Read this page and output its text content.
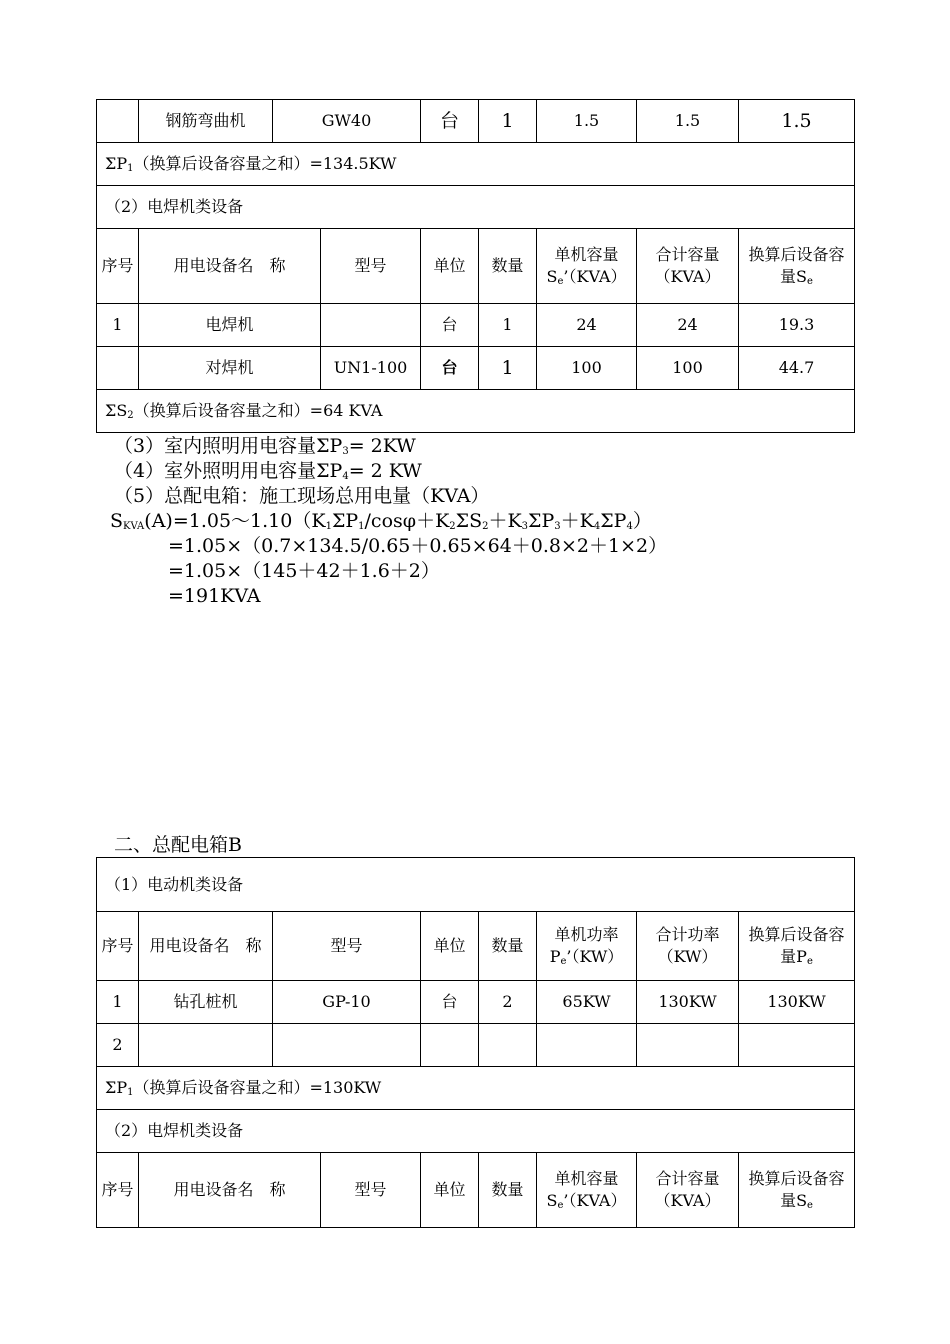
	钢筋弯曲机	GW40		台	1	1.5	1.5	1.5
$\Sigma P_1$（换算后设备容量之和）=134.5KW								
（2）电焊机类设备								
序号	用电设备名　称		型号	单位	数量	单机容量$S_e’(KVA)$	合计容量（KVA）	换算后设备容量$S_e$
1	电焊机			台	1	24	24	19.3
	对焊机		UN1-100	台	1	100	100	44.7
$\Sigma S_2$（换算后设备容量之和）=64 KVA								
（3）室内照明用电容量$\Sigma P_3= 2KW$
（4）室外照明用电容量$\Sigma P_4= 2$ KW
（5）总配电箱：施工现场总用电量（KVA）
$S_{KVA}(A)=1.05\sim 1.10(K_1\Sigma P_1/\cos\varphi+K_2\Sigma S_2+K_3\Sigma P_3+K_4\Sigma P_4)$
=1.05×（0.7×134.5/0.65＋0.65×64＋0.8×2＋1×2）
=1.05×（145＋42＋1.6＋2）
=191KVA
二、总配电箱B
（1）电动机类设备								
序号	用电设备名　称	型号		单位	数量	单机功率$P_e’(KW)$	合计功率（KW）	换算后设备容量$P_e$
1	钻孔桩机	GP-10		台	2	65KW	130KW	130KW
2								
$\Sigma P_1$（换算后设备容量之和）=130KW								
（2）电焊机类设备								
序号	用电设备名　称		型号	单位	数量	单机容量$S_e’(KVA)$	合计容量（KVA）	换算后设备容量$S_e$
